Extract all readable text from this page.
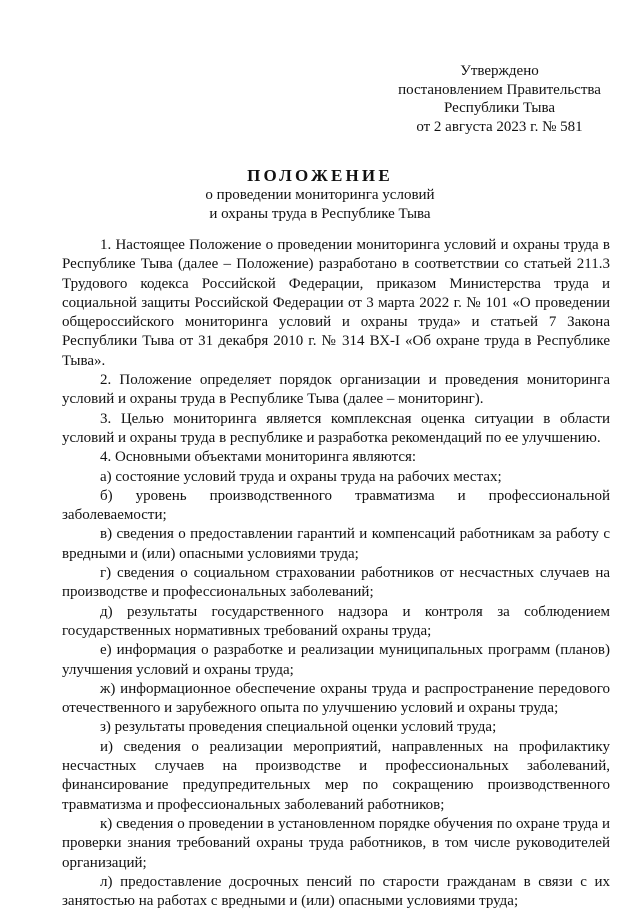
Утверждено
постановлением Правительства
Республики Тыва
от 2 августа 2023 г. № 581
ПОЛОЖЕНИЕ
о проведении мониторинга условий
и охраны труда в Республике Тыва

1. Настоящее Положение о проведении мониторинга условий и охраны труда в Республике Тыва (далее – Положение) разработано в соответствии со статьей 211.3 Трудового кодекса Российской Федерации, приказом Министерства труда и социальной защиты Российской Федерации от 3 марта 2022 г. № 101 «О проведении общероссийского мониторинга условий и охраны труда» и статьей 7 Закона Республики Тыва от 31 декабря 2010 г. № 314 ВХ-I «Об охране труда в Республике Тыва».

2. Положение определяет порядок организации и проведения мониторинга условий и охраны труда в Республике Тыва (далее – мониторинг).

3. Целью мониторинга является комплексная оценка ситуации в области условий и охраны труда в республике и разработка рекомендаций по ее улучшению.

4. Основными объектами мониторинга являются:

а) состояние условий труда и охраны труда на рабочих местах;

б) уровень производственного травматизма и профессиональной заболеваемости;

в) сведения о предоставлении гарантий и компенсаций работникам за работу с вредными и (или) опасными условиями труда;

г) сведения о социальном страховании работников от несчастных случаев на производстве и профессиональных заболеваний;

д) результаты государственного надзора и контроля за соблюдением государственных нормативных требований охраны труда;

е) информация о разработке и реализации муниципальных программ (планов) улучшения условий и охраны труда;

ж) информационное обеспечение охраны труда и распространение передового отечественного и зарубежного опыта по улучшению условий и охраны труда;

з) результаты проведения специальной оценки условий труда;

и) сведения о реализации мероприятий, направленных на профилактику несчастных случаев на производстве и профессиональных заболеваний, финансирование предупредительных мер по сокращению производственного травматизма и профессиональных заболеваний работников;

к) сведения о проведении в установленном порядке обучения по охране труда и проверки знания требований охраны труда работников, в том числе руководителей организаций;

л) предоставление досрочных пенсий по старости гражданам в связи с их занятостью на работах с вредными и (или) опасными условиями труда;
